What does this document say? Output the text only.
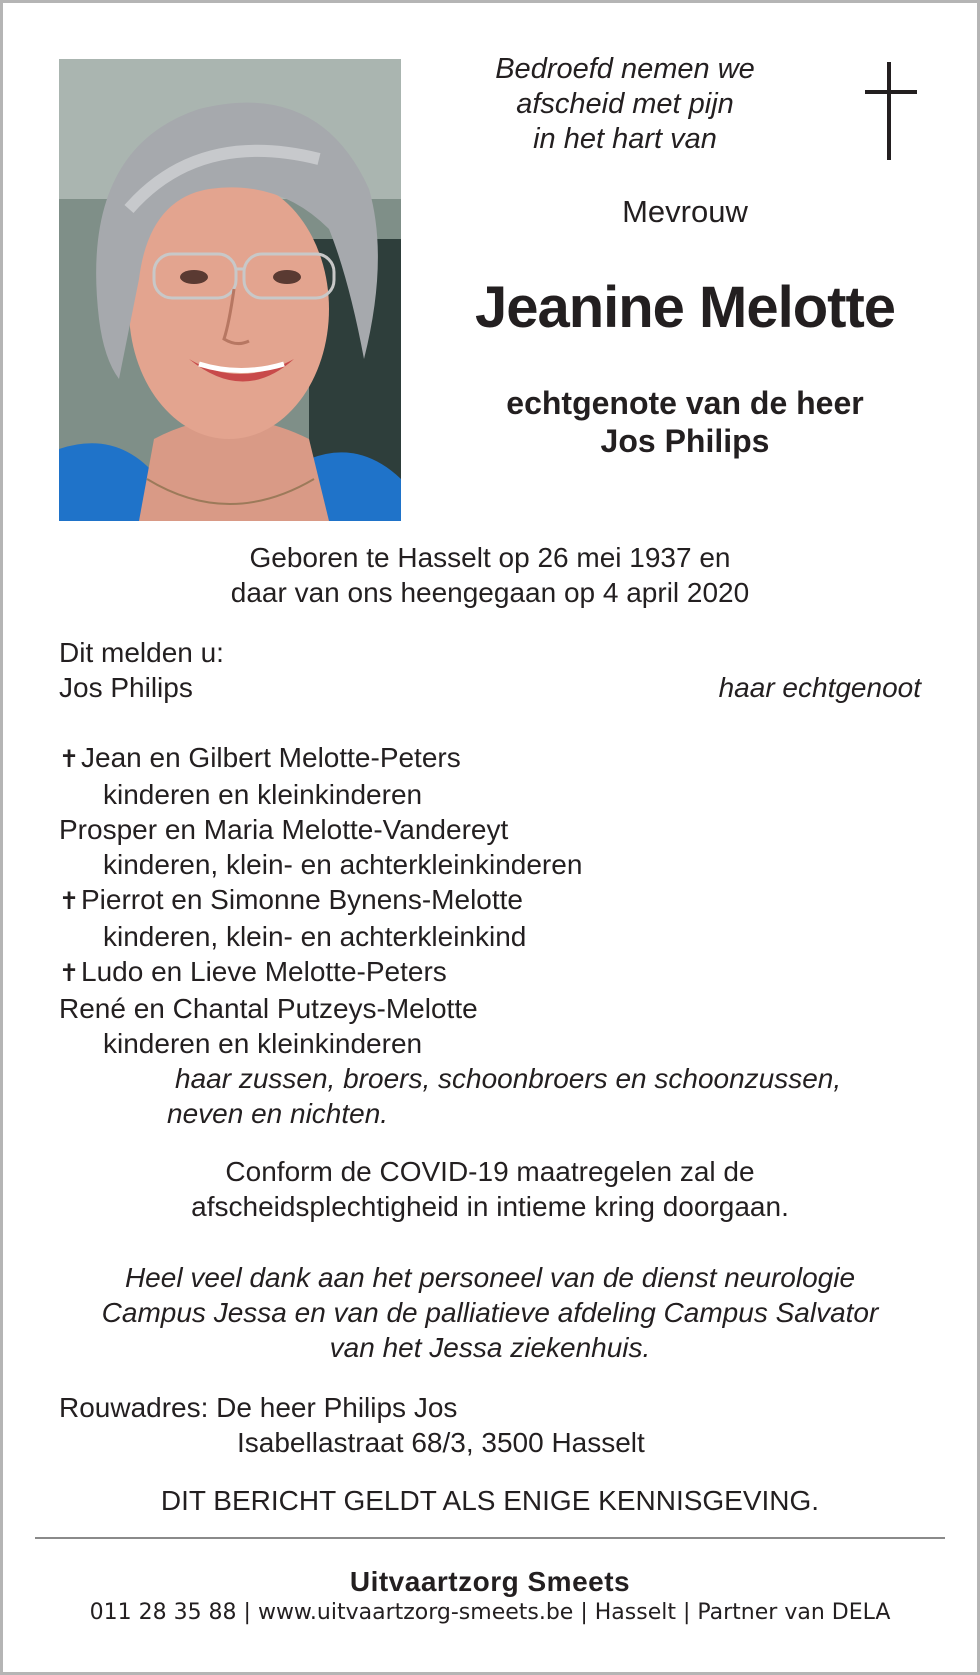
Bedroefd nemen we
afscheid met pijn
in het hart van
Mevrouw
Jeanine Melotte
echtgenote van de heer
Jos Philips
Geboren te Hasselt op 26 mei 1937 en
daar van ons heengegaan op 4 april 2020
Dit melden u:
Jos Philips	haar echtgenoot
✝Jean en Gilbert Melotte-Peters
kinderen en kleinkinderen
Prosper en Maria Melotte-Vandereyt
kinderen, klein- en achterkleinkinderen
✝Pierrot en Simonne Bynens-Melotte
kinderen, klein- en achterkleinkind
✝Ludo en Lieve Melotte-Peters
René en Chantal Putzeys-Melotte
kinderen en kleinkinderen
haar zussen, broers, schoonbroers en schoonzussen,
neven en nichten.
Conform de COVID-19 maatregelen zal de
afscheidsplechtigheid in intieme kring doorgaan.
Heel veel dank aan het personeel van de dienst neurologie
Campus Jessa en van de palliatieve afdeling Campus Salvator
van het Jessa ziekenhuis.
Rouwadres: De heer Philips Jos
Isabellastraat 68/3, 3500 Hasselt
DIT BERICHT GELDT ALS ENIGE KENNISGEVING.
Uitvaartzorg Smeets
011 28 35 88 | www.uitvaartzorg-smeets.be | Hasselt | Partner van DELA
